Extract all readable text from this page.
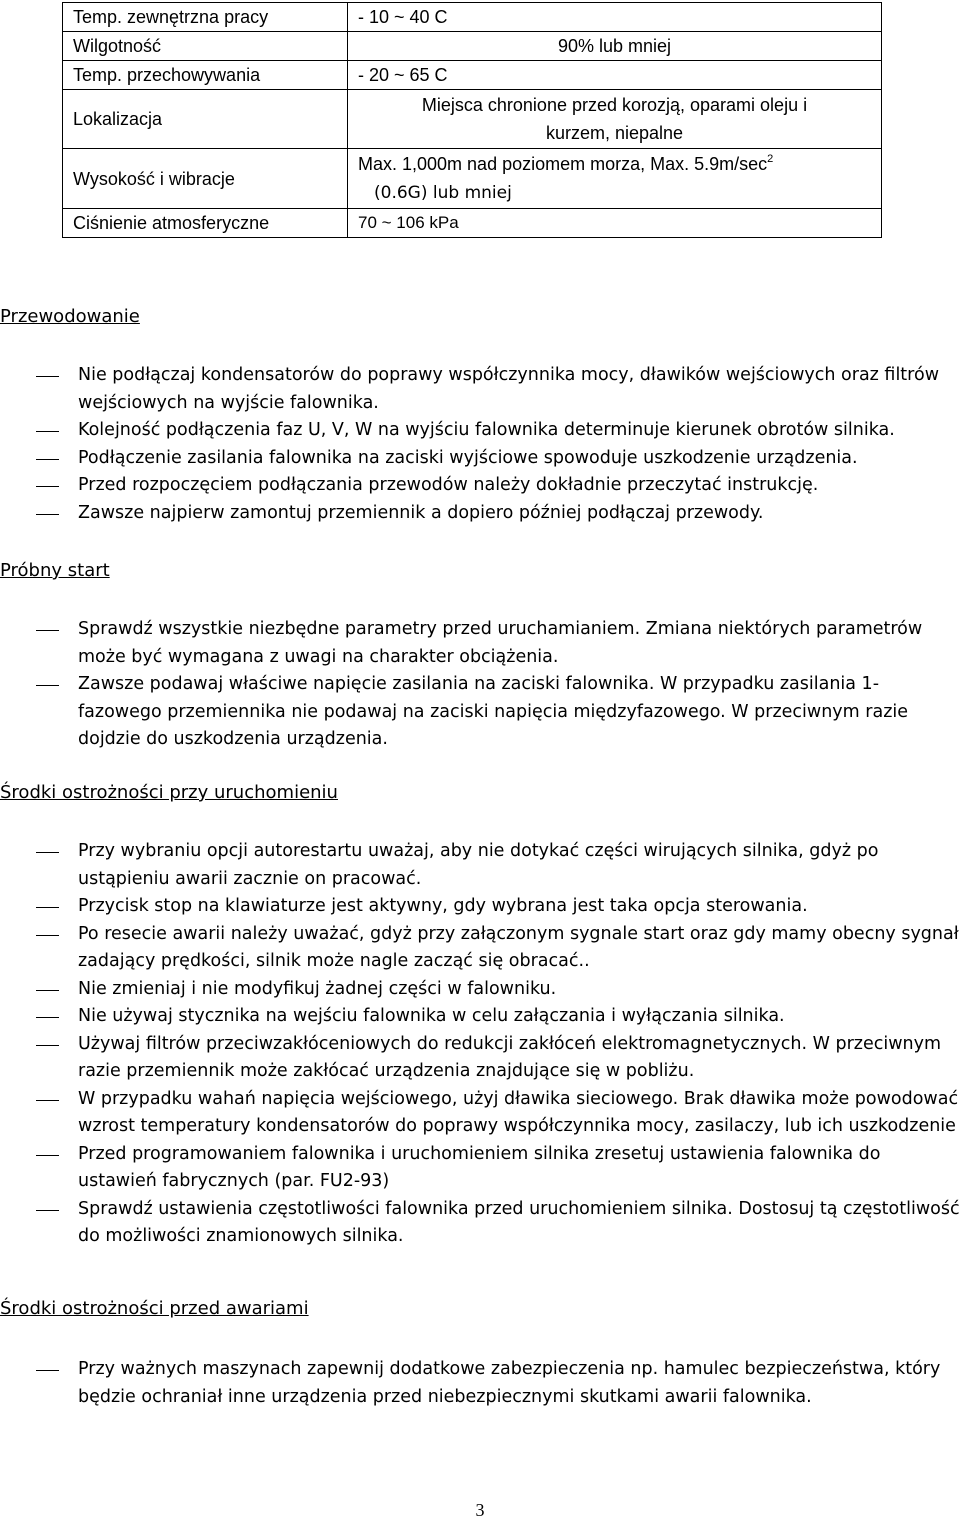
Temp. zewnętrzna pracy	- 10 ~ 40 C
Wilgotność	90% lub mniej
Temp. przechowywania	- 20 ~ 65 C
Lokalizacja	Miejsca chronione przed korozją, oparami oleju i
kurzem, niepalne
Wysokość i wibracje	Max. 1,000m nad poziomem morza, Max. $5.9m/\sec^2$
(0.6G) lub mniej
Ciśnienie atmosferyczne	70 ~ 106 kPa
Przewodowanie
Nie podłączaj kondensatorów do poprawy współczynnika mocy, dławików wejściowych oraz filtrów wejściowych na wyjście falownika.
Kolejność podłączenia faz U, V, W na wyjściu falownika determinuje kierunek obrotów silnika.
Podłączenie zasilania falownika na zaciski wyjściowe spowoduje uszkodzenie urządzenia.
Przed rozpoczęciem podłączania przewodów należy dokładnie przeczytać instrukcję.
Zawsze najpierw zamontuj przemiennik a dopiero później podłączaj przewody.
Próbny start
Sprawdź wszystkie niezbędne parametry przed uruchamianiem. Zmiana niektórych parametrów może być wymagana z uwagi na charakter obciążenia.
Zawsze podawaj właściwe napięcie zasilania na zaciski falownika. W przypadku zasilania 1-fazowego przemiennika nie podawaj na zaciski napięcia międzyfazowego. W przeciwnym razie dojdzie do uszkodzenia urządzenia.
Środki ostrożności przy uruchomieniu
Przy wybraniu opcji autorestartu uważaj, aby nie dotykać części wirujących silnika, gdyż po ustąpieniu awarii zacznie on pracować.
Przycisk stop na klawiaturze jest aktywny, gdy wybrana jest taka opcja sterowania.
Po resecie awarii należy uważać, gdyż przy załączonym sygnale start oraz gdy mamy obecny sygnał zadający prędkości, silnik może nagle zacząć się obracać..
Nie zmieniaj i nie modyfikuj żadnej części w falowniku.
Nie używaj stycznika na wejściu falownika w celu załączania i wyłączania silnika.
Używaj filtrów przeciwzakłóceniowych do redukcji zakłóceń elektromagnetycznych. W przeciwnym razie przemiennik może zakłócać urządzenia znajdujące się w pobliżu.
W przypadku wahań napięcia wejściowego, użyj dławika sieciowego. Brak dławika może powodować wzrost temperatury kondensatorów do poprawy współczynnika mocy, zasilaczy, lub ich uszkodzenie
Przed programowaniem falownika i uruchomieniem silnika zresetuj ustawienia falownika do ustawień fabrycznych (par. FU2-93)
Sprawdź ustawienia częstotliwości falownika przed uruchomieniem silnika. Dostosuj tą częstotliwość do możliwości znamionowych silnika.
Środki ostrożności przed awariami
Przy ważnych maszynach zapewnij dodatkowe zabezpieczenia np. hamulec bezpieczeństwa, który będzie ochraniał inne urządzenia przed niebezpiecznymi skutkami awarii falownika.
3
